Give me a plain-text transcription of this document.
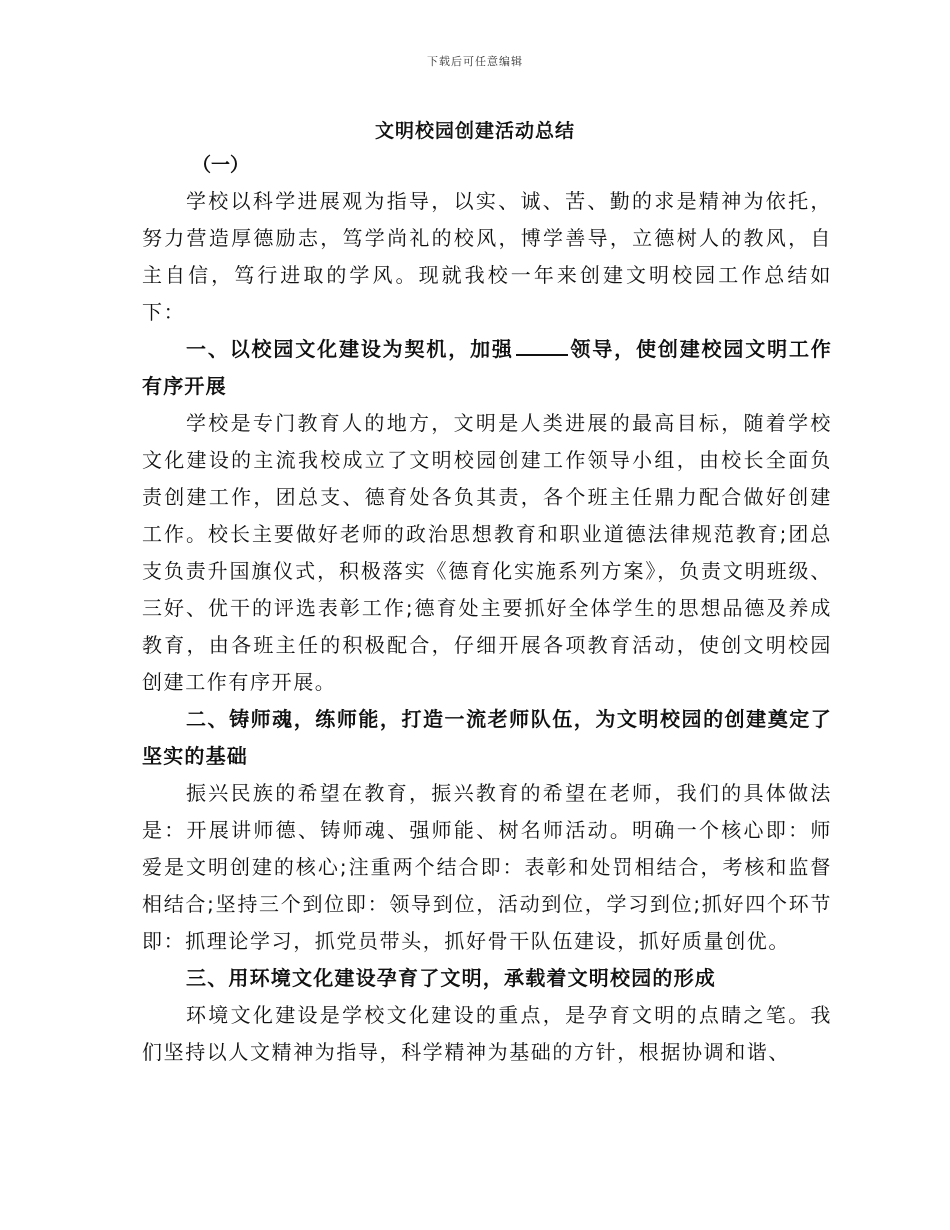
下载后可任意编辑
文明校园创建活动总结
（一）

学校以科学进展观为指导，以实、诚、苦、勤的求是精神为依托，努力营造厚德励志，笃学尚礼的校风，博学善导，立德树人的教风，自主自信，笃行进取的学风。现就我校一年来创建文明校园工作总结如下：

一、以校园文化建设为契机，加强	领导，使创建校园文明工作有序开展

学校是专门教育人的地方，文明是人类进展的最高目标，随着学校文化建设的主流我校成立了文明校园创建工作领导小组，由校长全面负责创建工作，团总支、德育处各负其责，各个班主任鼎力配合做好创建工作。校长主要做好老师的政治思想教育和职业道德法律规范教育;团总支负责升国旗仪式，积极落实《德育化实施系列方案》，负责文明班级、三好、优干的评选表彰工作;德育处主要抓好全体学生的思想品德及养成教育，由各班主任的积极配合，仔细开展各项教育活动，使创文明校园创建工作有序开展。

二、铸师魂，练师能，打造一流老师队伍，为文明校园的创建奠定了坚实的基础

振兴民族的希望在教育，振兴教育的希望在老师，我们的具体做法是：开展讲师德、铸师魂、强师能、树名师活动。明确一个核心即：师爱是文明创建的核心;注重两个结合即：表彰和处罚相结合，考核和监督相结合;坚持三个到位即：领导到位，活动到位，学习到位;抓好四个环节即：抓理论学习，抓党员带头，抓好骨干队伍建设，抓好质量创优。

三、用环境文化建设孕育了文明，承载着文明校园的形成

环境文化建设是学校文化建设的重点，是孕育文明的点睛之笔。我们坚持以人文精神为指导，科学精神为基础的方针，根据协调和谐、
